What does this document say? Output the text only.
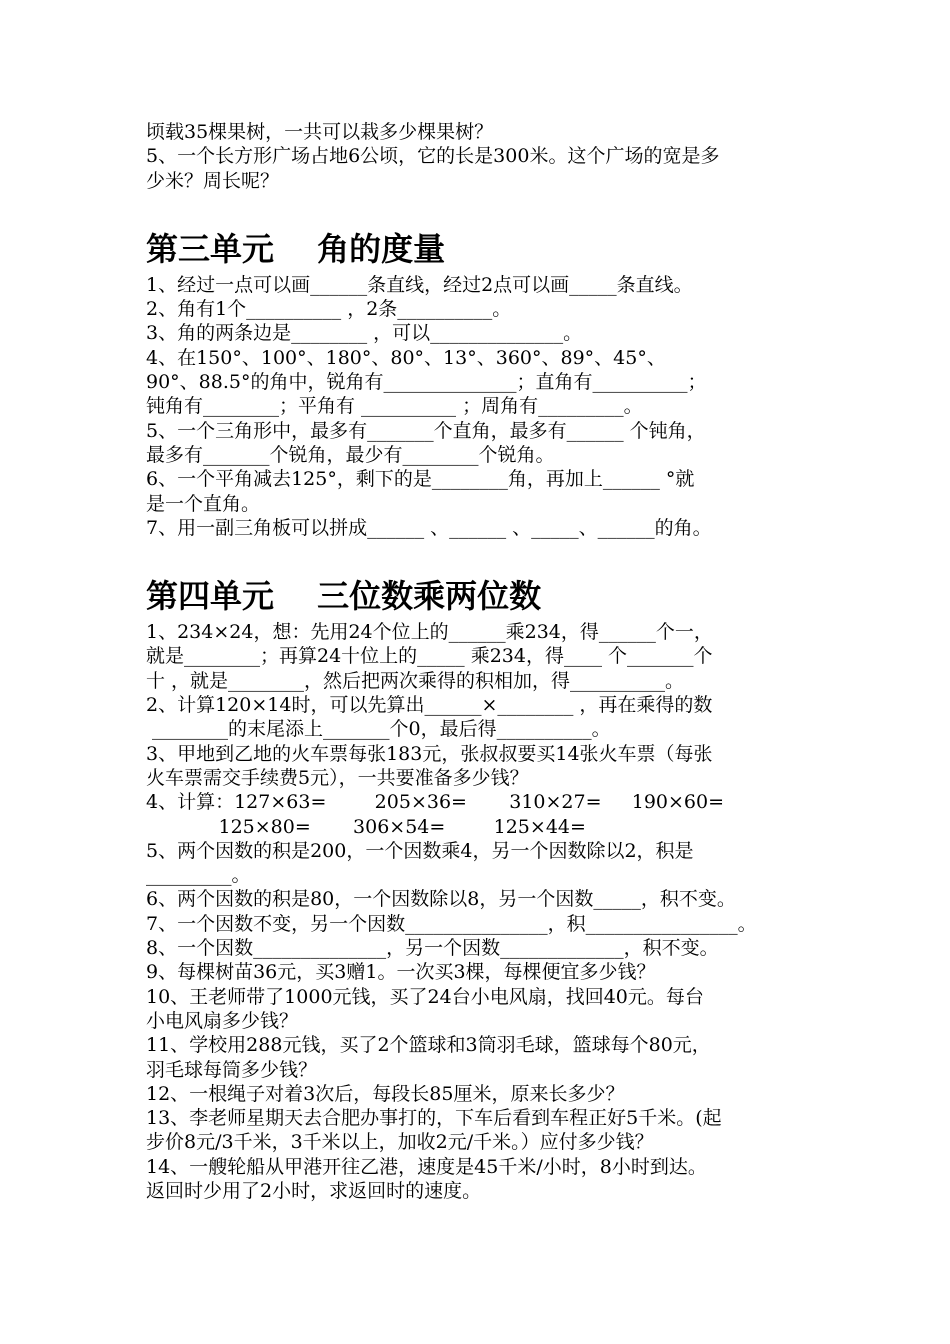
顷载35棵果树，一共可以栽多少棵果树？

5、一个长方形广场占地6公顷，它的长是300米。这个广场的宽是多

少米？周长呢？

第三单元　 角的度量

1、经过一点可以画______条直线，经过2点可以画_____条直线。

2、角有1个__________ ，2条__________。

3、角的两条边是________ ，可以______________。

4、在150°、100°、180°、80°、13°、360°、89°、45°、

90°、88.5°的角中，锐角有______________；直角有__________；

钝角有________；平角有 __________ ；周角有_________。

5、一个三角形中，最多有_______个直角，最多有______ 个钝角，

最多有_______个锐角，最少有________个锐角。

6、一个平角减去125°，剩下的是________角，再加上______ °就

是一个直角。

7、用一副三角板可以拼成______ 、______ 、_____、______的角。

第四单元　 三位数乘两位数

1、234×24，想：先用24个位上的______乘234，得______个一，

就是________；再算24十位上的_____ 乘234，得____ 个_______个

十 ，就是________，然后把两次乘得的积相加，得__________。

2、计算120×14时，可以先算出______×________ ，再在乘得的数

________的末尾添上_______个0，最后得__________。

3、甲地到乙地的火车票每张183元，张叔叔要买14张火车票（每张

火车票需交手续费5元），一共要准备多少钱？

4、计算：127×63=        205×36=       310×27=     190×60=

125×80=       306×54=        125×44=

5、两个因数的积是200，一个因数乘4，另一个因数除以2，积是

_________。

6、两个因数的积是80，一个因数除以8，另一个因数_____，积不变。

7、一个因数不变，另一个因数_______________，积________________。

8、一个因数______________，另一个因数_____________，积不变。

9、每棵树苗36元，买3赠1。一次买3棵，每棵便宜多少钱？

10、王老师带了1000元钱，买了24台小电风扇，找回40元。每台

小电风扇多少钱？

11、学校用288元钱，买了2个篮球和3筒羽毛球，篮球每个80元，

羽毛球每筒多少钱？

12、一根绳子对着3次后，每段长85厘米，原来长多少？

13、李老师星期天去合肥办事打的，下车后看到车程正好5千米。(起

步价8元/3千米，3千米以上，加收2元/千米。）应付多少钱？

14、一艘轮船从甲港开往乙港，速度是45千米/小时，8小时到达。

返回时少用了2小时，求返回时的速度。
